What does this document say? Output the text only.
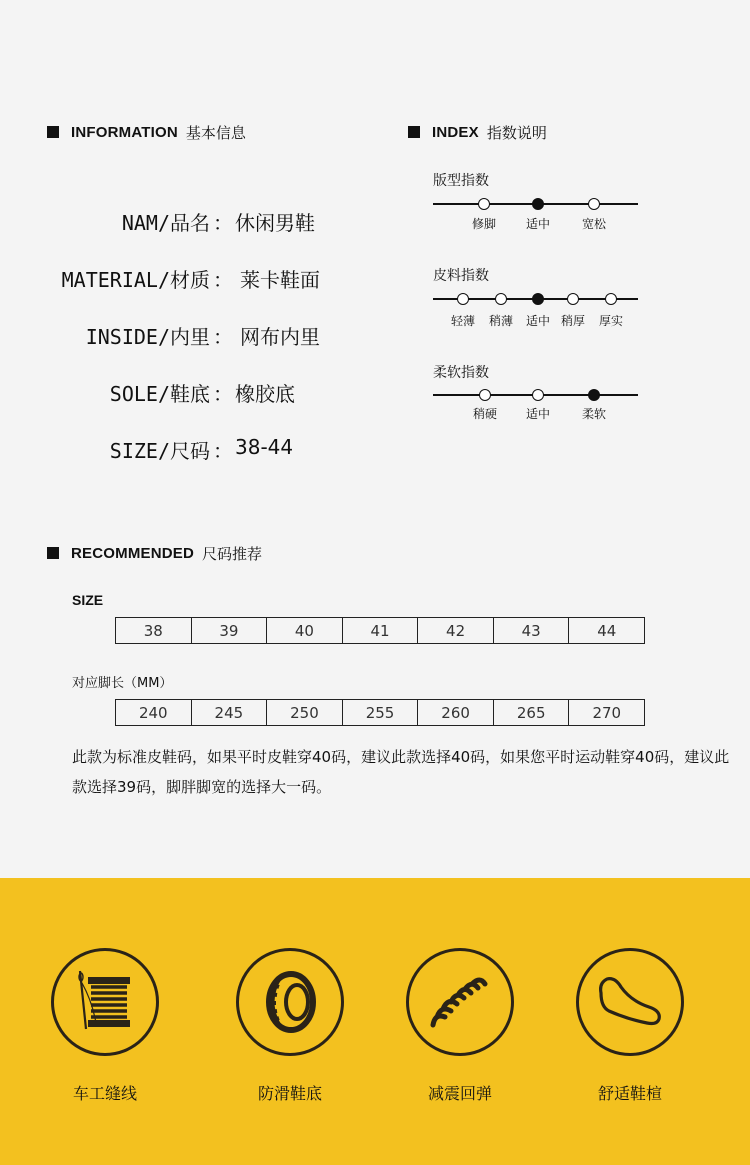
INFORMATION 基本信息
NAM/品名 ： 休闲男鞋
MATERIAL/材质 ： 莱卡鞋面
INSIDE/内里 ： 网布内里
SOLE/鞋底 ： 橡胶底
SIZE/尺码 ： 38-44
INDEX 指数说明
版型指数
修脚	适中	宽松
皮料指数
轻薄	稍薄	适中 稍厚	厚实
柔软指数
稍硬	适中	柔软
RECOMMENDED 尺码推荐
SIZE
38	39	40	41	42	43	44
对应脚长（MM）
240	245	250	255	260	265	270
此款为标准皮鞋码，如果平时皮鞋穿40码，建议此款选择40码，如果您平时运动鞋穿40码，建议此款选择39码，脚胖脚宽的选择大一码。
车工缝线	防滑鞋底	减震回弹	舒适鞋楦
